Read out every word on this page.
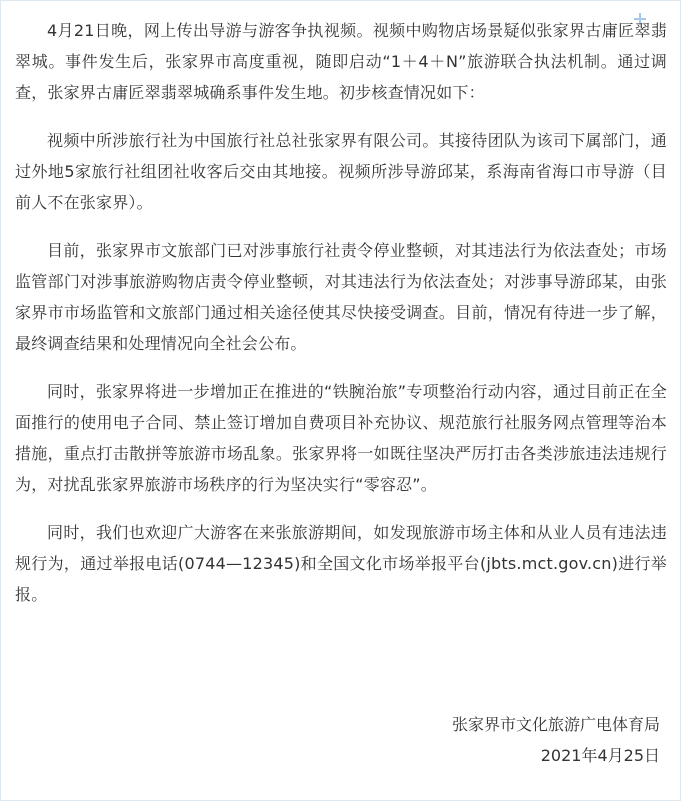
4月21日晚，网上传出导游与游客争执视频。视频中购物店场景疑似张家界古庸匠翠翡翠城。事件发生后，张家界市高度重视，随即启动“1＋4＋N”旅游联合执法机制。通过调查，张家界古庸匠翠翡翠城确系事件发生地。初步核查情况如下：

视频中所涉旅行社为中国旅行社总社张家界有限公司。其接待团队为该司下属部门，通过外地5家旅行社组团社收客后交由其地接。视频所涉导游邱某，系海南省海口市导游（目前人不在张家界）。

目前，张家界市文旅部门已对涉事旅行社责令停业整顿，对其违法行为依法查处；市场监管部门对涉事旅游购物店责令停业整顿，对其违法行为依法查处；对涉事导游邱某，由张家界市市场监管和文旅部门通过相关途径使其尽快接受调查。目前，情况有待进一步了解，最终调查结果和处理情况向全社会公布。

同时，张家界将进一步增加正在推进的“铁腕治旅”专项整治行动内容，通过目前正在全面推行的使用电子合同、禁止签订增加自费项目补充协议、规范旅行社服务网点管理等治本措施，重点打击散拼等旅游市场乱象。张家界将一如既往坚决严厉打击各类涉旅违法违规行为，对扰乱张家界旅游市场秩序的行为坚决实行“零容忍”。

同时，我们也欢迎广大游客在来张旅游期间，如发现旅游市场主体和从业人员有违法违规行为，通过举报电话(0744—12345)和全国文化市场举报平台(jbts.mct.gov.cn)进行举报。

张家界市文化旅游广电体育局
2021年4月25日
